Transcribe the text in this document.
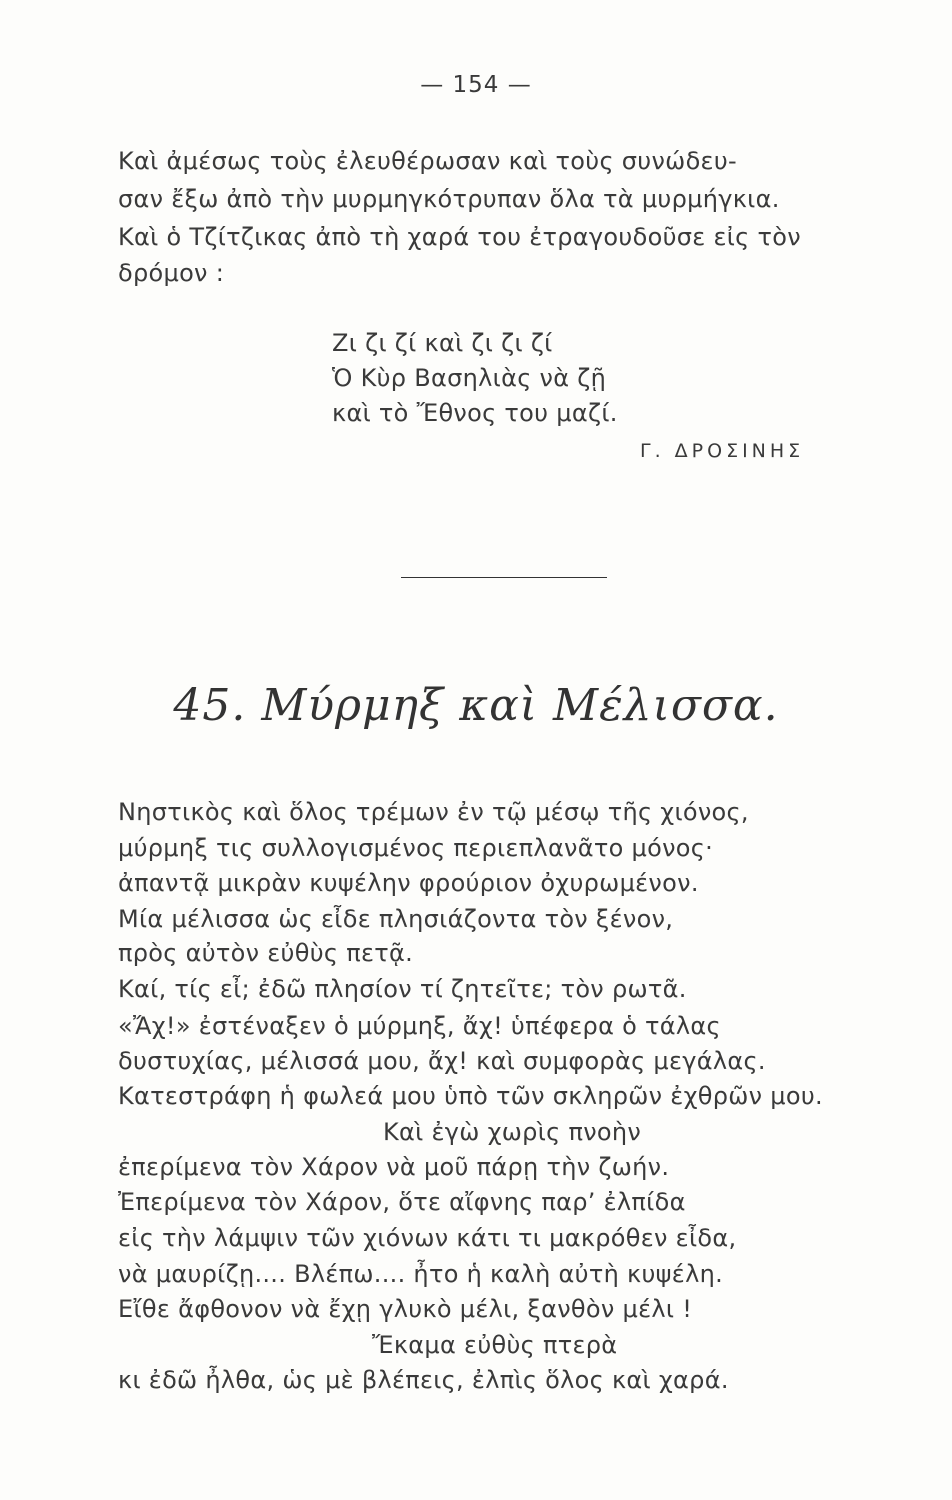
— 154 —
Καὶ ἀμέσως τοὺς ἐλευθέρωσαν καὶ τοὺς συνώδευ-
σαν ἔξω ἀπὸ τὴν μυρμηγκότρυπαν ὅλα τὰ μυρμήγκια.
Καὶ ὁ Τζίτζικας ἀπὸ τὴ χαρά του ἐτραγουδοῦσε εἰς τὸν
δρόμον :
Ζι ζι ζί καὶ ζι ζι ζί
Ὁ Κὺρ Βασηλιὰς νὰ ζῇ
καὶ τὸ Ἔθνος του μαζί.
Γ. ΔΡΟΣΙΝΗΣ
45. Μύρμηξ καὶ Μέλισσα.
Νηστικὸς καὶ ὅλος τρέμων ἐν τῷ μέσῳ τῆς χιόνος,
μύρμηξ τις συλλογισμένος περιεπλανᾶτο μόνος·
ἀπαντᾷ μικρὰν κυψέλην φρούριον ὀχυρωμένον.
Μία μέλισσα ὡς εἶδε πλησιάζοντα τὸν ξένον,
πρὸς αὐτὸν εὐθὺς πετᾷ.
Καί, τίς εἶ; ἐδῶ πλησίον τί ζητεῖτε; τὸν ρωτᾶ.
«Ἄχ!» ἐστέναξεν ὁ μύρμηξ, ἄχ! ὑπέφερα ὁ τάλας
δυστυχίας, μέλισσά μου, ἄχ! καὶ συμφορὰς μεγάλας.
Κατεστράφη ἡ φωλεά μου ὑπὸ τῶν σκληρῶν ἐχθρῶν μου.
Καὶ ἐγὼ χωρὶς πνοὴν
ἐπερίμενα τὸν Χάρον νὰ μοῦ πάρῃ τὴν ζωήν.
Ἐπερίμενα τὸν Χάρον, ὅτε αἴφνης παρ’ ἐλπίδα
εἰς τὴν λάμψιν τῶν χιόνων κάτι τι μακρόθεν εἶδα,
νὰ μαυρίζῃ.... Βλέπω.... ἦτο ἡ καλὴ αὐτὴ κυψέλη.
Εἴθε ἄφθονον νὰ ἔχῃ γλυκὸ μέλι, ξανθὸν μέλι !
Ἔκαμα εὐθὺς πτερὰ
κι ἐδῶ ἦλθα, ὡς μὲ βλέπεις, ἐλπὶς ὅλος καὶ χαρά.
